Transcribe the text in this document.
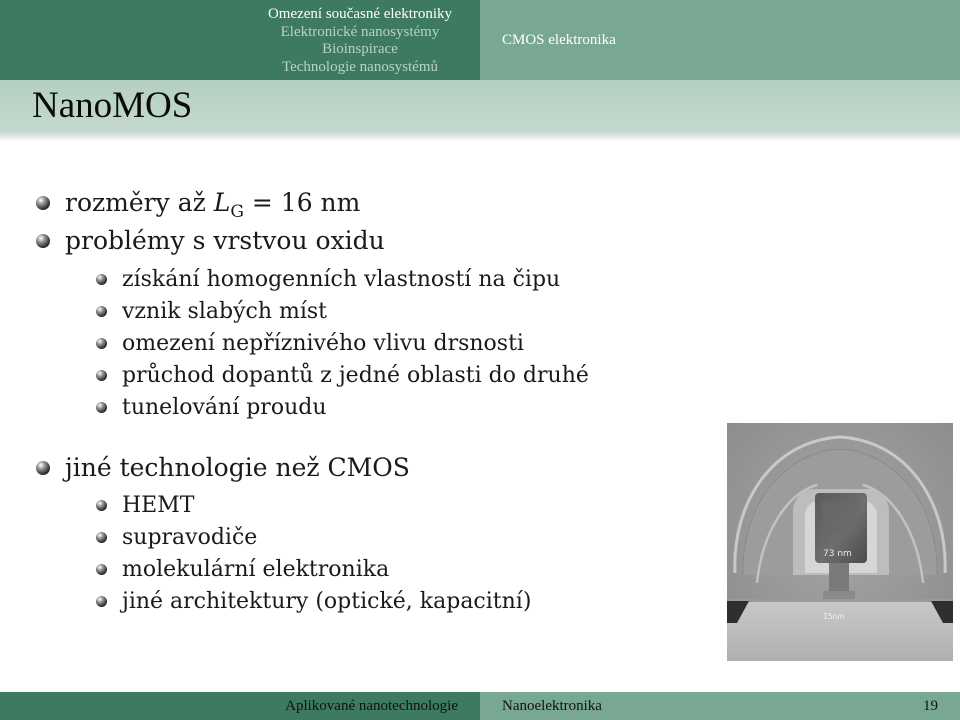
Omezení současné elektroniky
Elektronické nanosystémy
Bioinspirace
Technologie nanosystémů
CMOS elektronika
NanoMOS
rozměry až $L_G = 16$ nm
problémy s vrstvou oxidu
získání homogenních vlastností na čipu
vznik slabých míst
omezení nepříznivého vlivu drsnosti
průchod dopantů z jedné oblasti do druhé
tunelování proudu
jiné technologie než CMOS
HEMT
supravodiče
molekulární elektronika
jiné architektury (optické, kapacitní)
73 nm
15nm
Aplikované nanotechnologie	Nanoelektronika	19
